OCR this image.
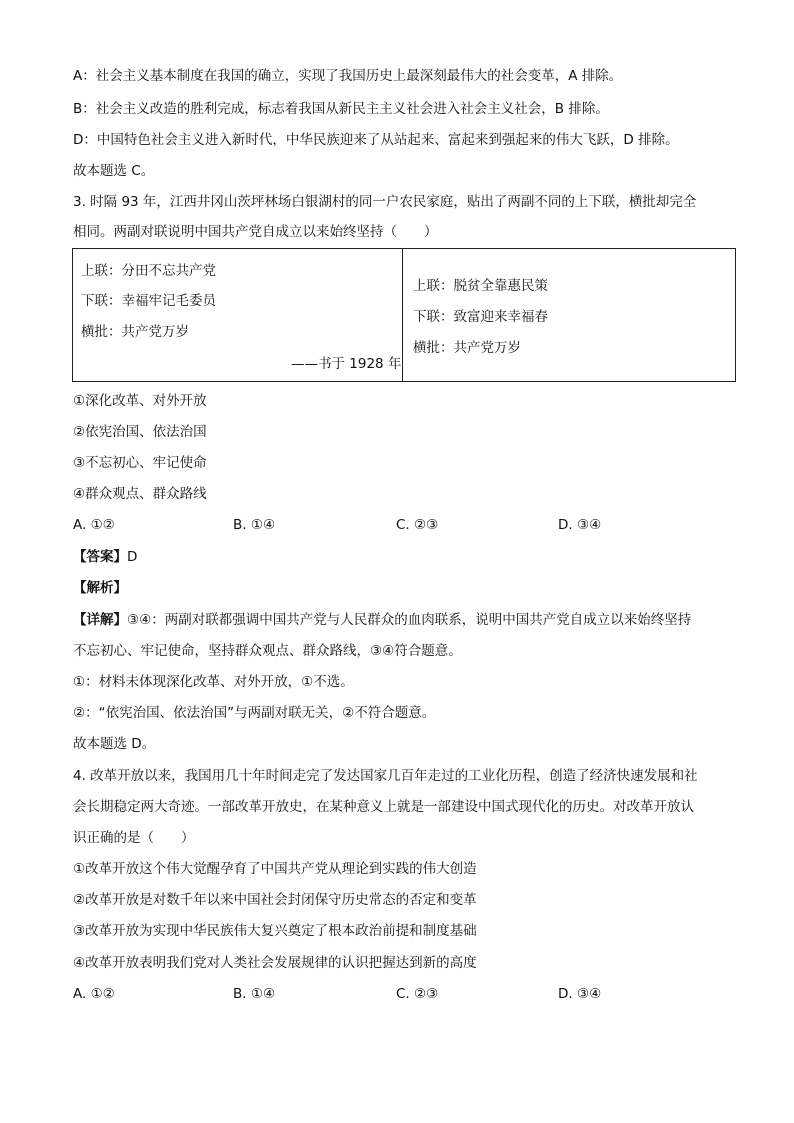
A：社会主义基本制度在我国的确立，实现了我国历史上最深刻最伟大的社会变革，A 排除。
B：社会主义改造的胜利完成，标志着我国从新民主主义社会进入社会主义社会，B 排除。
D：中国特色社会主义进入新时代，中华民族迎来了从站起来、富起来到强起来的伟大飞跃，D 排除。
故本题选 C。
3. 时隔 93 年，江西井冈山茨坪林场白银湖村的同一户农民家庭，贴出了两副不同的上下联，横批却完全
相同。两副对联说明中国共产党自成立以来始终坚持（　　）
上联：分田不忘共产党
下联：幸福牢记毛委员
横批：共产党万岁
——书于 1928 年
上联：脱贫全靠惠民策
下联：致富迎来幸福春
横批：共产党万岁
①深化改革、对外开放
②依宪治国、依法治国
③不忘初心、牢记使命
④群众观点、群众路线
A. ①②	B. ①④	C. ②③	D. ③④
【答案】D
【解析】
【详解】③④：两副对联都强调中国共产党与人民群众的血肉联系，说明中国共产党自成立以来始终坚持
不忘初心、牢记使命，坚持群众观点、群众路线，③④符合题意。
①：材料未体现深化改革、对外开放，①不选。
②：“依宪治国、依法治国”与两副对联无关，②不符合题意。
故本题选 D。
4. 改革开放以来，我国用几十年时间走完了发达国家几百年走过的工业化历程，创造了经济快速发展和社
会长期稳定两大奇迹。一部改革开放史，在某种意义上就是一部建设中国式现代化的历史。对改革开放认
识正确的是（　　）
①改革开放这个伟大觉醒孕育了中国共产党从理论到实践的伟大创造
②改革开放是对数千年以来中国社会封闭保守历史常态的否定和变革
③改革开放为实现中华民族伟大复兴奠定了根本政治前提和制度基础
④改革开放表明我们党对人类社会发展规律的认识把握达到新的高度
A. ①②	B. ①④	C. ②③	D. ③④
